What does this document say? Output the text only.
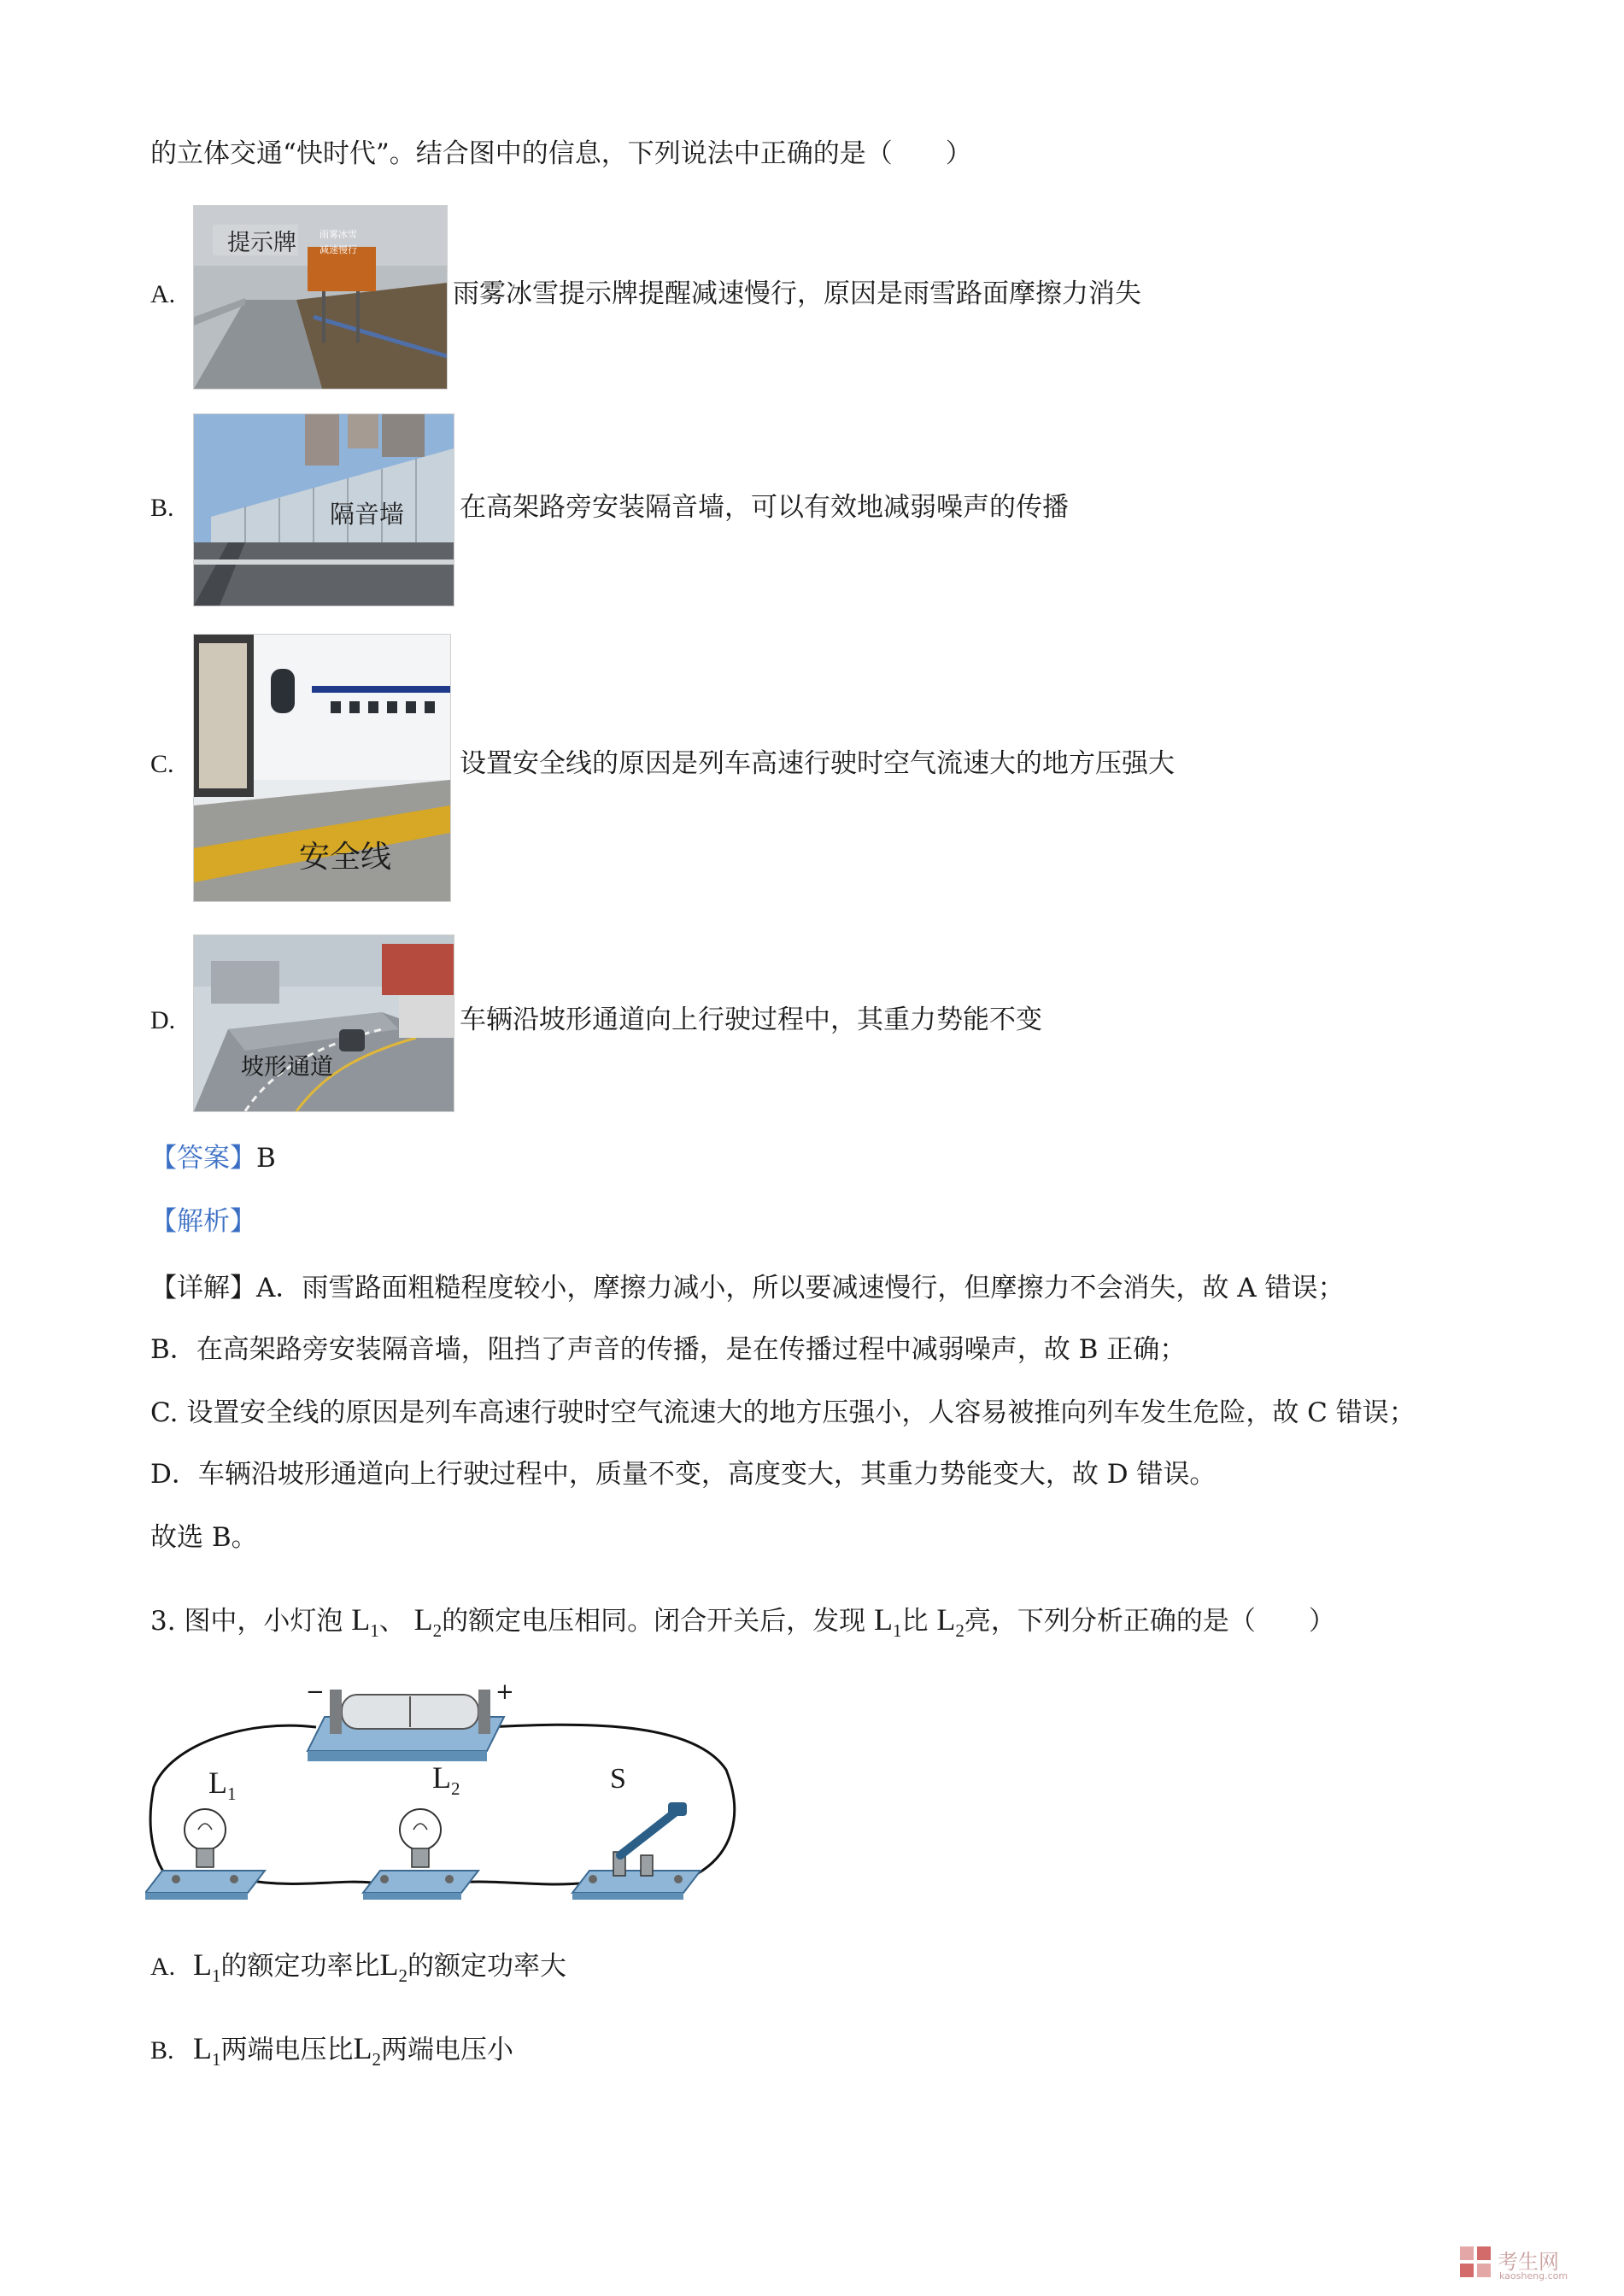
的立体交通“快时代”。结合图中的信息，下列说法中正确的是（　　）
A.
提示牌 雨雾冰雪
减速慢行
雨雾冰雪提示牌提醒减速慢行，原因是雨雪路面摩擦力消失
B.	隔音墙 在高架路旁安装隔音墙，可以有效地减弱噪声的传播
C.
安全线
设置安全线的原因是列车高速行驶时空气流速大的地方压强大
D.
坡形通道
车辆沿坡形通道向上行驶过程中，其重力势能不变
【答案】B
【解析】
【详解】A．雨雪路面粗糙程度较小，摩擦力减小，所以要减速慢行，但摩擦力不会消失，故 A 错误；
B．在高架路旁安装隔音墙，阻挡了声音的传播，是在传播过程中减弱噪声，故 B 正确；
C. 设置安全线的原因是列车高速行驶时空气流速大的地方压强小，人容易被推向列车发生危险，故 C 错误；
D．车辆沿坡形通道向上行驶过程中，质量不变，高度变大，其重力势能变大，故 D 错误。
故选 B。
3. 图中，小灯泡 $L_1$、 $L_2$的额定电压相同。闭合开关后，发现 $L_1$比 $L_2$亮，下列分析正确的是（　　）
−	+
L1	L2	S
A. $L_1$的额定功率比$L_2$的额定功率大
B. $L_1$两端电压比$L_2$两端电压小
考生网
kaosheng.com
